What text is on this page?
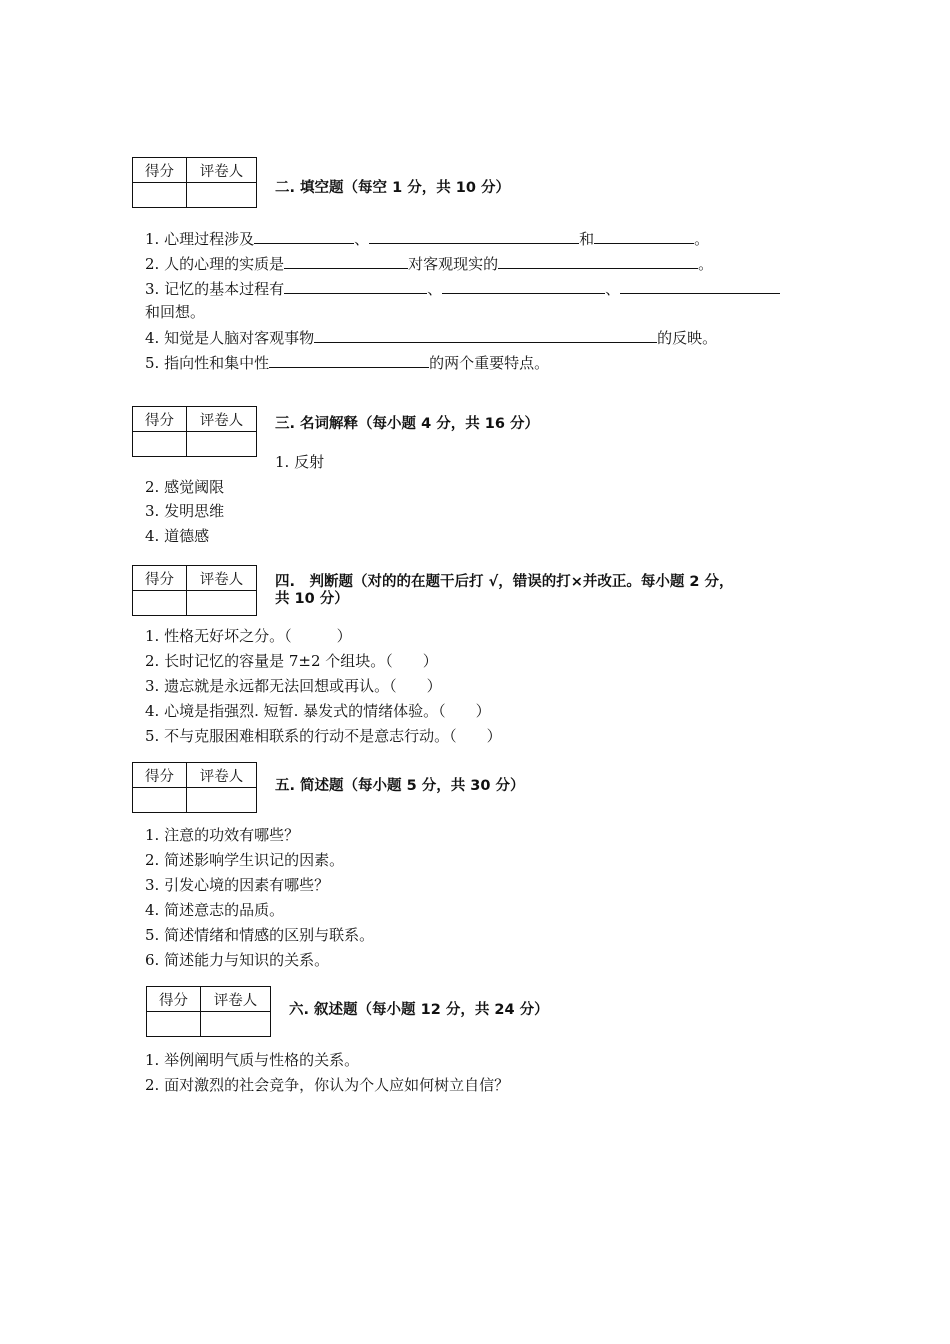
得分	评卷人

二. 填空题（每空 1 分，共 10 分）
1. 心理过程涉及	、	和	。
2. 人的心理的实质是	对客观现实的	。
3. 记忆的基本过程有	、	、
和回想。
4. 知觉是人脑对客观事物	的反映。
5. 指向性和集中性	的两个重要特点。
得分	评卷人
	三. 名词解释（每小题 4 分，共 16 分）
1. 反射
2. 感觉阈限
3. 发明思维
4. 道德感
得分	评卷人
	四.　判断题（对的的在题干后打 √，错误的打×并改正。每小题 2 分，
共 10 分）
1. 性格无好坏之分。（　　　）
2. 长时记忆的容量是 7±2 个组块。（　　）
3. 遗忘就是永远都无法回想或再认。（　　）
4. 心境是指强烈. 短暂. 暴发式的情绪体验。（　　）
5. 不与克服困难相联系的行动不是意志行动。（　　）
得分	评卷人

五. 简述题（每小题 5 分，共 30 分）
1. 注意的功效有哪些？
2. 简述影响学生识记的因素。
3. 引发心境的因素有哪些？
4. 简述意志的品质。
5. 简述情绪和情感的区别与联系。
6. 简述能力与知识的关系。
得分	评卷人

六. 叙述题（每小题 12 分，共 24 分）
1. 举例阐明气质与性格的关系。
2. 面对激烈的社会竞争，你认为个人应如何树立自信？
